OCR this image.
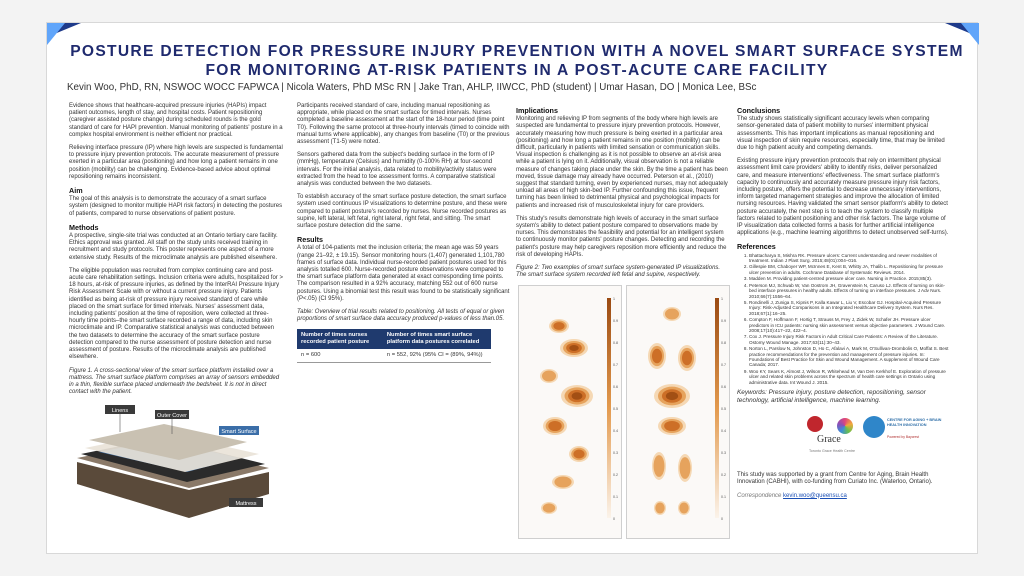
POSTURE DETECTION FOR PRESSURE INJURY PREVENTION WITH A NOVEL SMART SURFACE SYSTEM FOR MONITORING AT-RISK PATIENTS IN A POST-ACUTE CARE FACILITY
Kevin Woo, PhD, RN, NSWOC WOCC FAPWCA | Nicola Waters, PhD MSc RN | Jake Tran, AHLP, IIWCC, PhD (student) | Umar Hasan, DO | Monica Lee, BSc

Evidence shows that healthcare-acquired pressure injuries (HAPIs) impact patient outcomes, length of stay, and hospital costs. Patient repositioning (caregiver assisted posture change) during scheduled rounds is the gold standard of care for HAPI prevention. Manual monitoring of patients' posture in a complex hospital environment is neither efficient nor practical.

Relieving interface pressure (IP) where high levels are suspected is fundamental to pressure injury prevention protocols. The accurate measurement of pressure exerted in a particular area (positioning) and how long a patient remains in one position (mobility) can be challenging. Evidence-based advice about optimal repositioning remains inconsistent.

Aim

The goal of this analysis is to demonstrate the accuracy of a smart surface system (designed to monitor multiple HAPI risk factors) in detecting the postures of patients, compared to nurse observations of patient posture.

Methods

A prospective, single-site trial was conducted at an Ontario tertiary care facility. Ethics approval was granted. All staff on the study units received training in recruitment and study protocols. This poster represents one aspect of a more extensive study. Results of the microclimate analysis are published elsewhere.

The eligible population was recruited from complex continuing care and post-acute care rehabilitation settings. Inclusion criteria were adults, hospitalized for > 18 hours, at-risk of pressure injuries, as defined by the InterRAI Pressure Injury Risk Assessment Scale with or without a current pressure injury. Patients identified as being at-risk of pressure injury received standard of care while placed on the smart surface for timed intervals. Nurses' assessment data, including patients' position at the time of reposition, were collected at three-hourly time points–the smart surface recorded a range of data, including skin microclimate and IP. Comparative statistical analysis was conducted between the two datasets to determine the accuracy of the smart surface posture detection compared to the nurse assessment of posture detection and nurse assessment of posture. Results of the microclimate analysis are published elsewhere.

Figure 1. A cross-sectional view of the smart surface platform installed over a mattress. The smart surface platform comprises an array of sensors embedded in a thin, flexible surface placed underneath the bedsheet. It is not in direct contact with the patient.

Linens
Outer Cover
Smart Surface
Mattress

Participants received standard of care, including manual repositioning as appropriate, while placed on the smart surface for timed intervals. Nurses completed a baseline assessment at the start of the 18-hour period (time point T0). Following the same protocol at three-hourly intervals (timed to coincide with manual turns where applicable), any changes from baseline (T0) or the previous assessment (T1-5) were noted.

Sensors gathered data from the subject's bedding surface in the form of IP (mmHg), temperature (Celsius) and humidity (0-100% RH) at four-second intervals. For the initial analysis, data related to mobility/activity status were extracted from the head to toe assessment forms. A comparative statistical analysis was conducted between the two datasets.

To establish accuracy of the smart surface posture detection, the smart surface system used continuous IP visualizations to determine posture, and these were compared to patient posture's recorded by nurses. Nurse recorded postures as supine, left lateral, left fetal, right lateral, right fetal, and sitting. The smart surface posture detection did the same.

Results

A total of 104-patients met the inclusion criteria; the mean age was 59 years (range 21–92, ± 19.15). Sensor monitoring hours (1,407) generated 1,101,780 frames of surface data. Individual nurse-recorded patient postures used for this analysis totalled 600. Nurse-recorded posture observations were compared to the smart surface platform data generated at exact corresponding time points. The comparison resulted in a 92% accuracy, matching 552 out of 600 nurse postures. Using a binomial test this result was found to be statistically significant (P<.05) (CI 95%).

Table: Overview of trial results related to positioning. All tests of equal or given proportions of smart surface data accuracy produced p-values of less than.05.

Number of times nurses recorded patient posture	Number of times smart surface platform data postures correlated
n = 600	n = 552, 92% (95% CI = (89%, 94%))
Implications

Monitoring and relieving IP from segments of the body where high levels are suspected are fundamental to pressure injury prevention protocols. However, accurately measuring how much pressure is being exerted in a particular area (positioning) and how long a patient remains in one position (mobility) can be difficult, particularly in patients with limited sensation or communication skills. Visual inspection is challenging as it is not possible to observe an at-risk area while a patient is lying on it. Additionally, visual observation is not a reliable measure of changes taking place under the skin. By the time a patient has been moved, tissue damage may already have occurred. Peterson et al., (2010) suggest that standard turning, even by experienced nurses, may not adequately unload all areas of high skin-bed IP. Further confounding this issue, frequent turning has been linked to detrimental physical and psychological impacts for patients and increased risk of musculoskeletal injury for care providers.

This study's results demonstrate high levels of accuracy in the smart surface system's ability to detect patient posture compared to observations made by nurses. This demonstrates the feasibility and potential for an intelligent system to continuously monitor patients' posture changes. Detecting and recording the patient's posture may help caregivers reposition more efficiently and reduce the risk of developing HAPIs.

Figure 2: Two examples of smart surface system-generated IP visualizations. The smart surface system recorded left fetal and supine, respectively.

1
0.9
0.8
0.7
0.6
0.5
0.4
0.3
0.2
0.1
0
1
0.9
0.8
0.7
0.6
0.5
0.4
0.3
0.2
0.1
0
Conclusions

The study shows statistically significant accuracy levels when comparing sensor-generated data of patient mobility to nurses' intermittent physical assessments. This has important implications as manual repositioning and visual inspection of skin require resources, especially time, that may be limited due to high patient acuity and competing demands.

Existing pressure injury prevention protocols that rely on intermittent physical assessment limit care providers' ability to identify risks, deliver personalized care, and measure interventions' effectiveness. The smart surface platform's capacity to continuously and accurately measure pressure injury risk factors, including posture, offers the potential to decrease unnecessary interventions, inform targeted management strategies and improve the allocation of limited nursing resources. Having validated the smart sensor platform's ability to detect posture accurately, the next step is to teach the system to classify multiple factors related to patient positioning and other risk factors. The large volume of IP visualization data collected forms a basis for further artificial intelligence applications (e.g., machine learning algorithms to detect unobserved self-turns).

References
1. Bhattacharya S, Mishra RK. Pressure ulcers: Current understanding and newer modalities of treatment. Indian J Plast Surg. 2015;48(01):004–016.
2. Gillespie BM, Chaboyer WP, McInnes E, Kent B, Whitty JA, Thalib L. Repositioning for pressure ulcer prevention in adults. Cochrane Database of Systematic Reviews. 2014.
3. Madden M. Providing patient-centred pressure ulcer care. Nursing in Practice. 2015;85(3).
4. Peterson MJ, Schwab W, Van Oostrom JH, Gravenstein N, Caruso LJ. Effects of turning on skin-bed interface pressures in healthy adults. Effects of turning on interface pressures. J Adv Nurs. 2010;66(7):1556–64.
5. Rondinelli J, Zuniga S, Kipnis P, Kalla Kawar L, Liu V, Escobar GJ. Hospital-Acquired Pressure Injury: Risk-Adjusted Comparisons in an Integrated Healthcare Delivery System. Nurs Res. 2018;67(1):16–25.
6. Compton F, Hoffmann F, Hortig T, Strauss M, Frey J, Zidek W, Schafer JH. Pressure ulcer predictors in ICU patients: nursing skin assessment versus objective parameters. J Wound Care. 2008;17(10):417–22, 422–4.
7. Cox J. Pressure Injury Risk Factors in Adult Critical Care Patients: A Review of the Literature. Ostomy Wound Manage. 2017;63(11):30–43.
8. Norton L, Parslow N, Johnston D, Ho C, Afalavi A, Mark M, O'Sullivan-Drombolis O, Moffat S. Best practice recommendations for the prevention and management of pressure injuries. In: Foundations of Best Practice for Skin and Wound Management. A supplement of Wound Care Canada; 2017.
9. Woo KY, Sears K, Almost J, Wilson R, Whitehead M, Van Den Kerkhof E. Exploration of pressure ulcer and related skin problems across the spectrum of health care settings in Ontario using administrative data. Int Wound J. 2015.

Keywords: Pressure injury, posture detection, repositioning, sensor technology, artificial intelligence, machine learning.

Grace
Toronto Grace Health Centre
CENTRE FOR AGING + BRAIN HEALTH INNOVATION
Powered by Baycrest

This study was supported by a grant from Centre for Aging, Brain Health Innovation (CABHI), with co-funding from Curiato Inc. (Waterloo, Ontario).

Correspondence kevin.woo@queensu.ca
